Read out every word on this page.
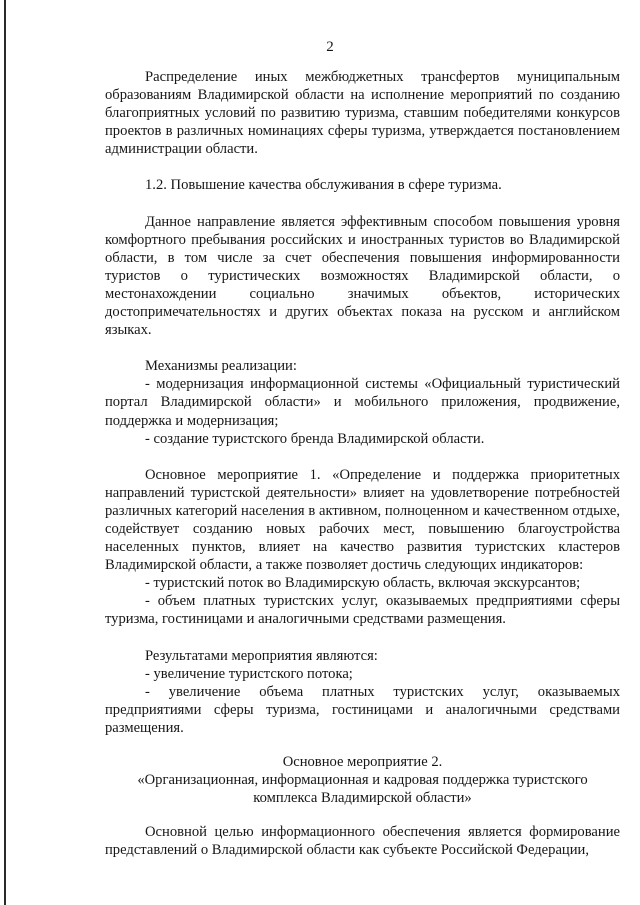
2

Распределение иных межбюджетных трансфертов муниципальным образованиям Владимирской области на исполнение мероприятий по созданию благоприятных условий по развитию туризма, ставшим победителями конкурсов проектов в различных номинациях сферы туризма, утверждается постановлением администрации области.

1.2. Повышение качества обслуживания в сфере туризма.

Данное направление является эффективным способом повышения уровня комфортного пребывания российских и иностранных туристов во Владимирской области, в том числе за счет обеспечения повышения информированности туристов о туристических возможностях Владимирской области, о местонахождении социально значимых объектов, исторических достопримечательностях и других объектах показа на русском и английском языках.

Механизмы реализации:

- модернизация информационной системы «Официальный туристический портал Владимирской области» и мобильного приложения, продвижение, поддержка и модернизация;

- создание туристского бренда Владимирской области.

Основное мероприятие 1. «Определение и поддержка приоритетных направлений туристской деятельности» влияет на удовлетворение потребностей различных категорий населения в активном, полноценном и качественном отдыхе, содействует созданию новых рабочих мест, повышению благоустройства населенных пунктов, влияет на качество развития туристских кластеров Владимирской области, а также позволяет достичь следующих индикаторов:

- туристский поток во Владимирскую область, включая экскурсантов;

- объем платных туристских услуг, оказываемых предприятиями сферы туризма, гостиницами и аналогичными средствами размещения.

Результатами мероприятия являются:

- увеличение туристского потока;

- увеличение объема платных туристских услуг, оказываемых предприятиями сферы туризма, гостиницами и аналогичными средствами размещения.

Основное мероприятие 2.

«Организационная, информационная и кадровая поддержка туристского комплекса Владимирской области»

Основной целью информационного обеспечения является формирование представлений о Владимирской области как субъекте Российской Федерации,
